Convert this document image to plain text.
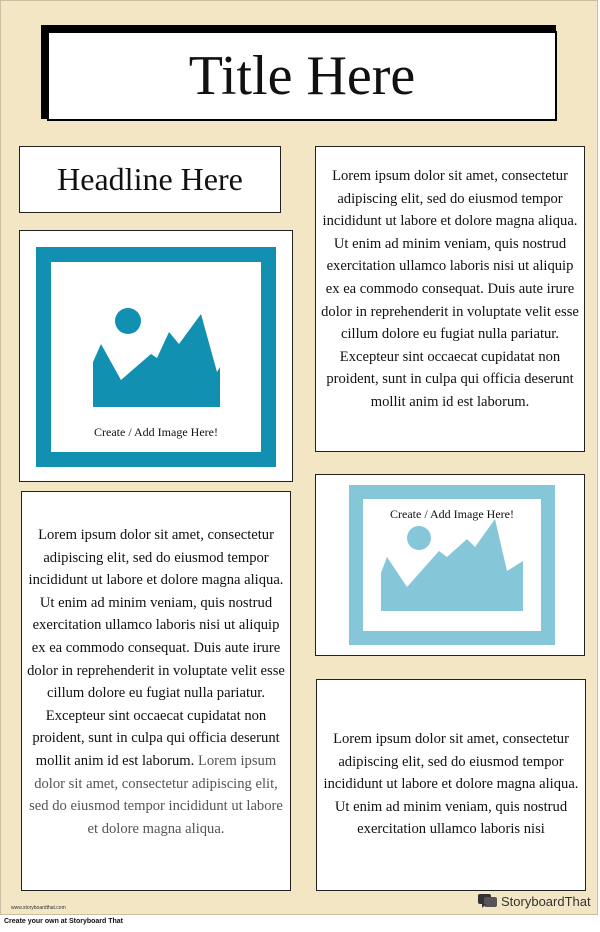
Title Here
Headline Here	Lorem ipsum dolor sit amet, consectetur adipiscing elit, sed do eiusmod tempor incididunt ut labore et dolore magna aliqua. Ut enim ad minim veniam, quis nostrud exercitation ullamco laboris nisi ut aliquip ex ea commodo consequat. Duis aute irure dolor in reprehenderit in voluptate velit esse cillum dolore eu fugiat nulla pariatur. Excepteur sint occaecat cupidatat non proident, sunt in culpa qui officia deserunt mollit anim id est laborum.
Create / Add Image Here!
Create / Add Image Here!
Lorem ipsum dolor sit amet, consectetur adipiscing elit, sed do eiusmod tempor incididunt ut labore et dolore magna aliqua. Ut enim ad minim veniam, quis nostrud exercitation ullamco laboris nisi ut aliquip ex ea commodo consequat. Duis aute irure dolor in reprehenderit in voluptate velit esse cillum dolore eu fugiat nulla pariatur. Excepteur sint occaecat cupidatat non proident, sunt in culpa qui officia deserunt mollit anim id est laborum. Lorem ipsum dolor sit amet, consectetur adipiscing elit, sed do eiusmod tempor incididunt ut labore et dolore magna aliqua.
Lorem ipsum dolor sit amet, consectetur adipiscing elit, sed do eiusmod tempor incididunt ut labore et dolore magna aliqua. Ut enim ad minim veniam, quis nostrud exercitation ullamco laboris nisi
www.storyboardthat.com	StoryboardThat
Create your own at Storyboard That
